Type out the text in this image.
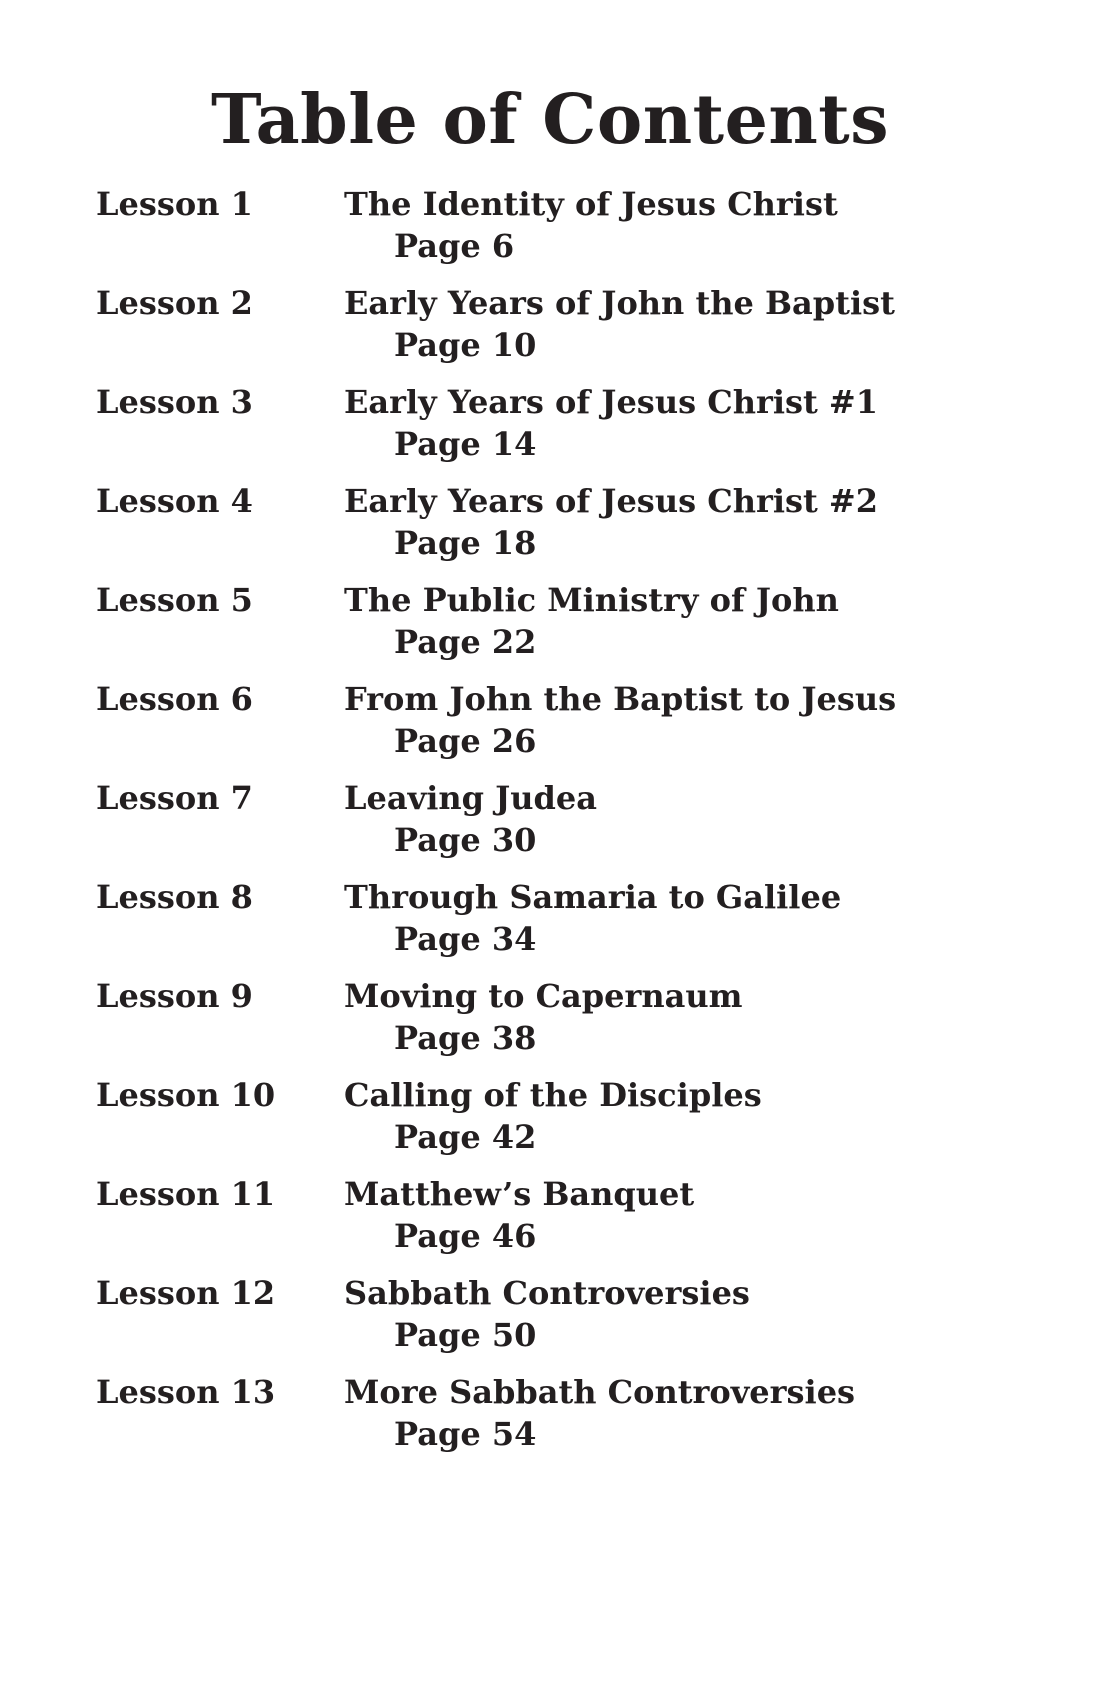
Table of Contents
Lesson 1	The Identity of Jesus Christ
Page 6
Lesson 2	Early Years of John the Baptist
Page 10
Lesson 3	Early Years of Jesus Christ #1
Page 14
Lesson 4	Early Years of Jesus Christ #2
Page 18
Lesson 5	The Public Ministry of John
Page 22
Lesson 6	From John the Baptist to Jesus
Page 26
Lesson 7	Leaving Judea
Page 30
Lesson 8	Through Samaria to Galilee
Page 34
Lesson 9	Moving to Capernaum
Page 38
Lesson 10 Calling of the Disciples
Page 42
Lesson 11 Matthew’s Banquet
Page 46
Lesson 12 Sabbath Controversies
Page 50
Lesson 13 More Sabbath Controversies
Page 54
